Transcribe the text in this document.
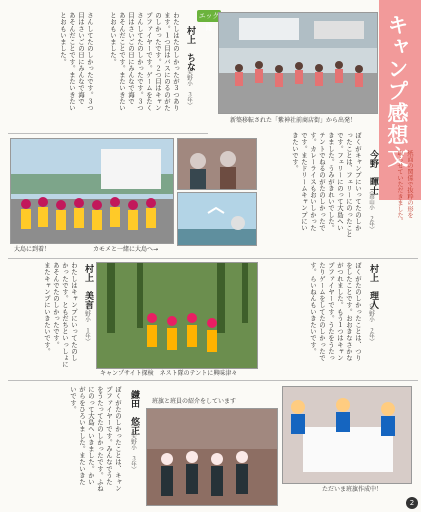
キャンプ感想文
紙面の関係で抜粋の形を
取らせていただきました。
エッグ隊
新築移転された「紫神社前商店街」から出発！
村上　ちな
（矢野小　３年）
わたしはたのしかったが３つあり
ます。１つ目はバスにのるのがた
のしかったです。２つ目はキャン
プファイヤーです。ゲームをたく
さんしてたのしかったです。３つ
目はさいごの日にみんなで海で
あそんだことです。またいきたい
とおもいました。
さんしてたのしかったです。３つ
目はさいごの日にみんなで海で
あそんだことです。またいきたい
とおもいました。
大島に到着！	カモメと一緒に大島へ→
今野　暉士
（嵩山小　２年）
ぼくがキャンプにいってたのしか
ったことは、フェリーにのったこと
です。フェリーにのって大島へい
きました。うみがきれいでした。
テントでねるのがたのしかったで
す。カレーライスもおいしかった
です。またドリームキャンプにい
きたいです。
村上　美言
（矢野小　１年）
わたしはキャンプにいってたのし
かったです。ともだちといっしょに
あそんでたのしかったです。
またキャンプにいきたいです。
キャンプサイト探検　ネスト隊のテントに興味津々
村上　理人
（矢野小　２年）
ぼくがたのしかったことは、つり
をしたことです。おおきなさかな
がつれました。もう１つはキャン
プファイヤーです。うたをうたっ
たりゲームをしてたのしかったで
す。らいねんもいきたいです。
鎌田　悠正
（矢野小　３年）
ぼくがたのしかったことは、キャン
プファイヤーです。みんなでうた
をうたってたのしかったです。ふね
にのって大島へいきました。かい
がらをひろいました。またいきた
いです。	班旗と班員の紹介をしています
ただいま班旗作成中！
2
